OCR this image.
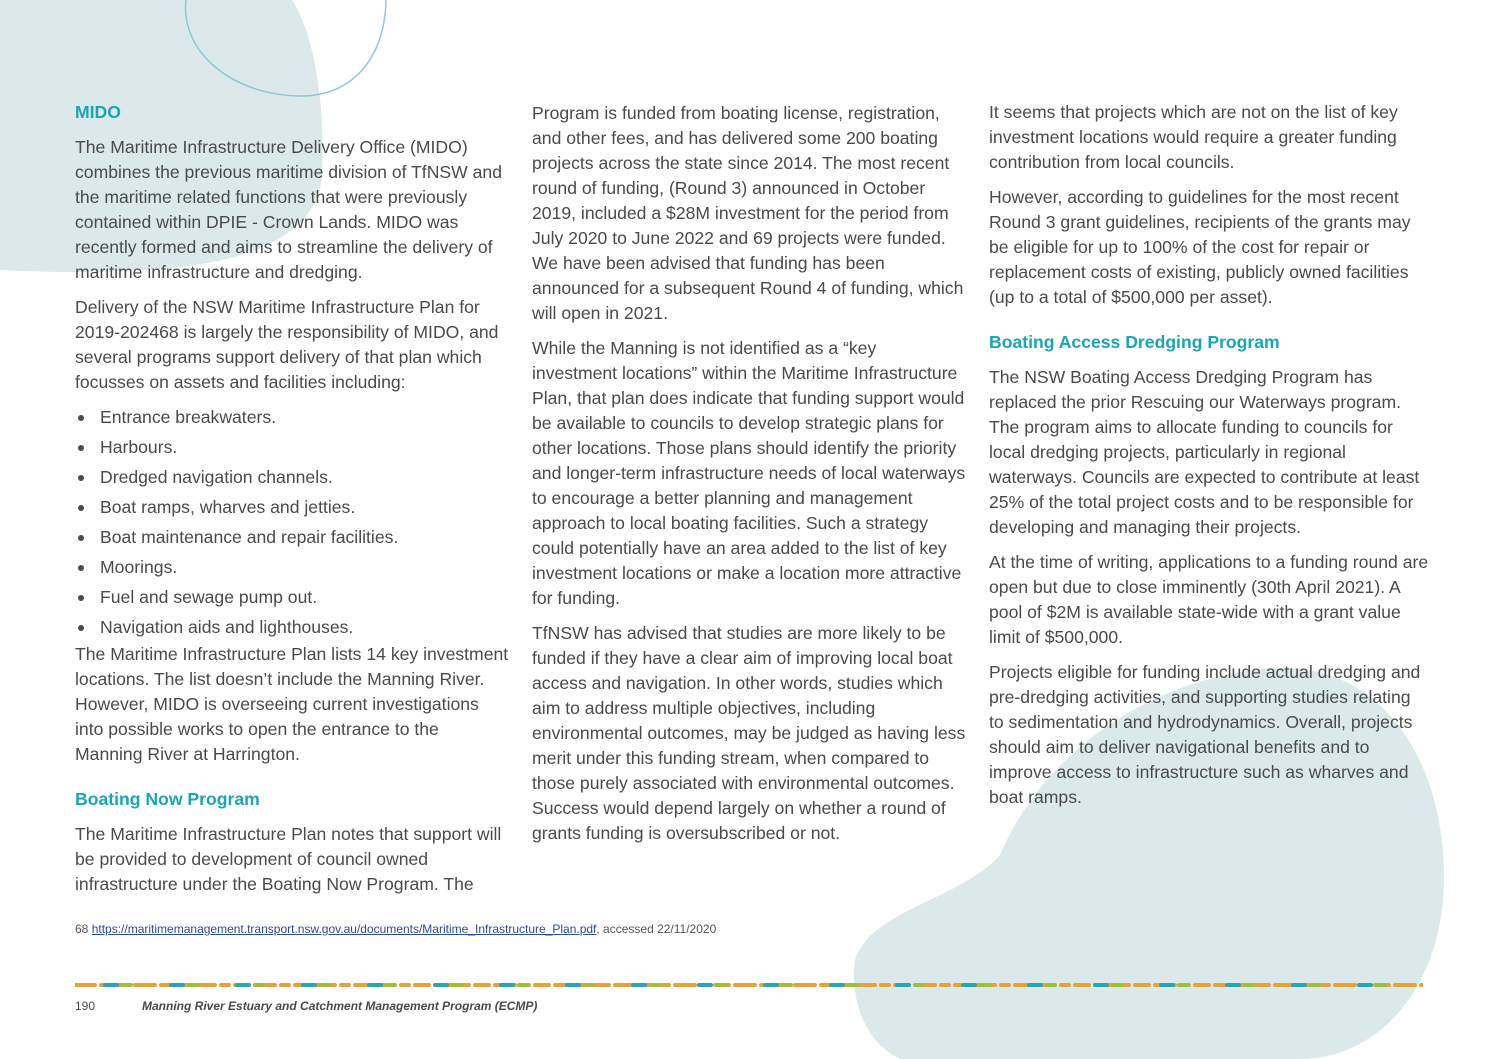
MIDO

The Maritime Infrastructure Delivery Office (MIDO) combines the previous maritime division of TfNSW and the maritime related functions that were previously contained within DPIE - Crown Lands. MIDO was recently formed and aims to streamline the delivery of maritime infrastructure and dredging.

Delivery of the NSW Maritime Infrastructure Plan for 2019-202468 is largely the responsibility of MIDO, and several programs support delivery of that plan which focusses on assets and facilities including:

Entrance breakwaters.
Harbours.
Dredged navigation channels.
Boat ramps, wharves and jetties.
Boat maintenance and repair facilities.
Moorings.
Fuel and sewage pump out.
Navigation aids and lighthouses.

The Maritime Infrastructure Plan lists 14 key investment locations. The list doesn’t include the Manning River. However, MIDO is overseeing current investigations into possible works to open the entrance to the Manning River at Harrington.

Boating Now Program

The Maritime Infrastructure Plan notes that support will be provided to development of council owned infrastructure under the Boating Now Program. The

Program is funded from boating license, registration, and other fees, and has delivered some 200 boating projects across the state since 2014. The most recent round of funding, (Round 3) announced in October 2019, included a $28M investment for the period from July 2020 to June 2022 and 69 projects were funded. We have been advised that funding has been announced for a subsequent Round 4 of funding, which will open in 2021.

While the Manning is not identified as a “key investment locations” within the Maritime Infrastructure Plan, that plan does indicate that funding support would be available to councils to develop strategic plans for other locations. Those plans should identify the priority and longer-term infrastructure needs of local waterways to encourage a better planning and management approach to local boating facilities. Such a strategy could potentially have an area added to the list of key investment locations or make a location more attractive for funding.

TfNSW has advised that studies are more likely to be funded if they have a clear aim of improving local boat access and navigation. In other words, studies which aim to address multiple objectives, including environmental outcomes, may be judged as having less merit under this funding stream, when compared to those purely associated with environmental outcomes. Success would depend largely on whether a round of grants funding is oversubscribed or not.

It seems that projects which are not on the list of key investment locations would require a greater funding contribution from local councils.

However, according to guidelines for the most recent Round 3 grant guidelines, recipients of the grants may be eligible for up to 100% of the cost for repair or replacement costs of existing, publicly owned facilities (up to a total of $500,000 per asset).

Boating Access Dredging Program

The NSW Boating Access Dredging Program has replaced the prior Rescuing our Waterways program. The program aims to allocate funding to councils for local dredging projects, particularly in regional waterways. Councils are expected to contribute at least 25% of the total project costs and to be responsible for developing and managing their projects.

At the time of writing, applications to a funding round are open but due to close imminently (30th April 2021). A pool of $2M is available state-wide with a grant value limit of $500,000.

Projects eligible for funding include actual dredging and pre-dredging activities, and supporting studies relating to sedimentation and hydrodynamics. Overall, projects should aim to deliver navigational benefits and to improve access to infrastructure such as wharves and boat ramps.

68 https://maritimemanagement.transport.nsw.gov.au/documents/Maritime_Infrastructure_Plan.pdf, accessed 22/11/2020
190	Manning River Estuary and Catchment Management Program (ECMP)
